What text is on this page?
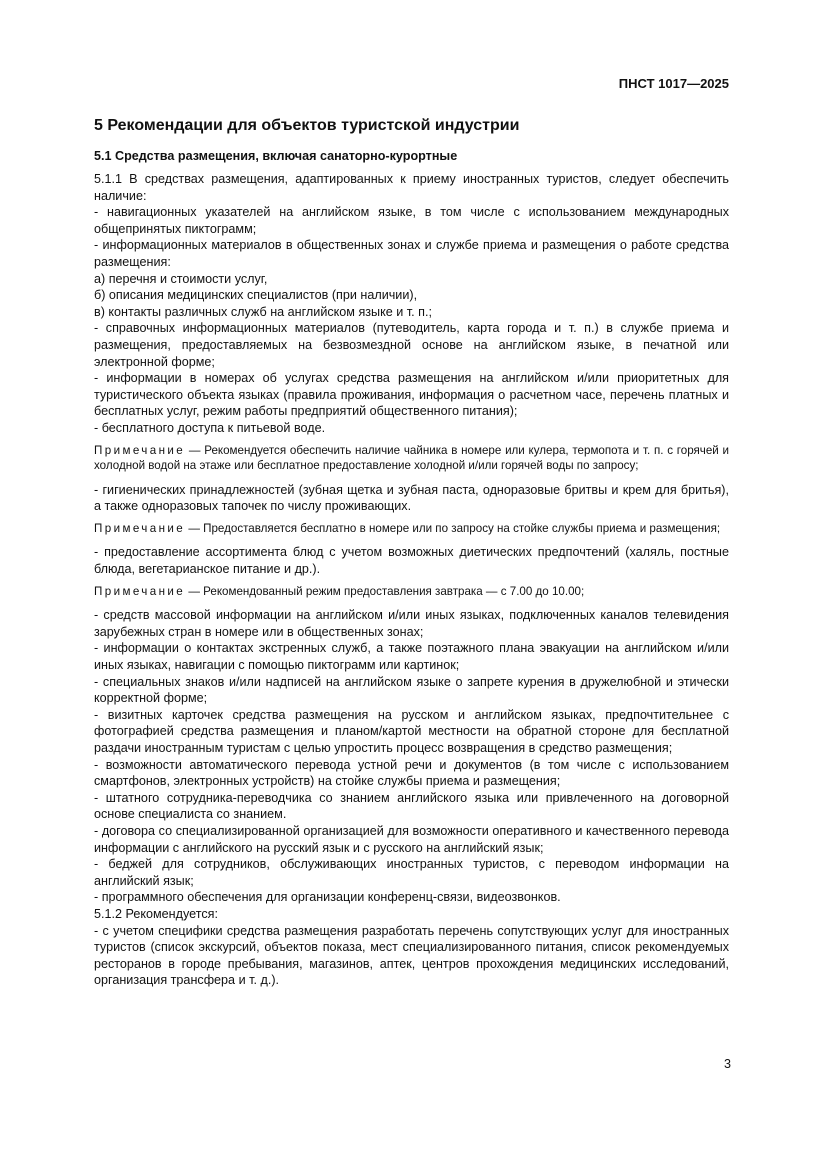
ПНСТ 1017—2025
5 Рекомендации для объектов туристской индустрии
5.1 Средства размещения, включая санаторно-курортные
5.1.1 В средствах размещения, адаптированных к приему иностранных туристов, следует обеспечить наличие:
- навигационных указателей на английском языке, в том числе с использованием международных общепринятых пиктограмм;
- информационных материалов в общественных зонах и службе приема и размещения о работе средства размещения:
а) перечня и стоимости услуг,
б) описания медицинских специалистов (при наличии),
в) контакты различных служб на английском языке и т. п.;
- справочных информационных материалов (путеводитель, карта города и т. п.) в службе приема и размещения, предоставляемых на безвозмездной основе на английском языке, в печатной или электронной форме;
- информации в номерах об услугах средства размещения на английском и/или приоритетных для туристического объекта языках (правила проживания, информация о расчетном часе, перечень платных и бесплатных услуг, режим работы предприятий общественного питания);
- бесплатного доступа к питьевой воде.
Примечание — Рекомендуется обеспечить наличие чайника в номере или кулера, термопота и т. п. с горячей и холодной водой на этаже или бесплатное предоставление холодной и/или горячей воды по запросу;
- гигиенических принадлежностей (зубная щетка и зубная паста, одноразовые бритвы и крем для бритья), а также одноразовых тапочек по числу проживающих.
Примечание — Предоставляется бесплатно в номере или по запросу на стойке службы приема и размещения;
- предоставление ассортимента блюд с учетом возможных диетических предпочтений (халяль, постные блюда, вегетарианское питание и др.).
Примечание — Рекомендованный режим предоставления завтрака — с 7.00 до 10.00;
- средств массовой информации на английском и/или иных языках, подключенных каналов телевидения зарубежных стран в номере или в общественных зонах;
- информации о контактах экстренных служб, а также поэтажного плана эвакуации на английском и/или иных языках, навигации с помощью пиктограмм или картинок;
- специальных знаков и/или надписей на английском языке о запрете курения в дружелюбной и этически корректной форме;
- визитных карточек средства размещения на русском и английском языках, предпочтительнее с фотографией средства размещения и планом/картой местности на обратной стороне для бесплатной раздачи иностранным туристам с целью упростить процесс возвращения в средство размещения;
- возможности автоматического перевода устной речи и документов (в том числе с использованием смартфонов, электронных устройств) на стойке службы приема и размещения;
- штатного сотрудника-переводчика со знанием английского языка или привлеченного на договорной основе специалиста со знанием.
- договора со специализированной организацией для возможности оперативного и качественного перевода информации с английского на русский язык и с русского на английский язык;
- беджей для сотрудников, обслуживающих иностранных туристов, с переводом информации на английский язык;
- программного обеспечения для организации конференц-связи, видеозвонков.
5.1.2 Рекомендуется:
- с учетом специфики средства размещения разработать перечень сопутствующих услуг для иностранных туристов (список экскурсий, объектов показа, мест специализированного питания, список рекомендуемых ресторанов в городе пребывания, магазинов, аптек, центров прохождения медицинских исследований, организация трансфера и т. д.).
3
